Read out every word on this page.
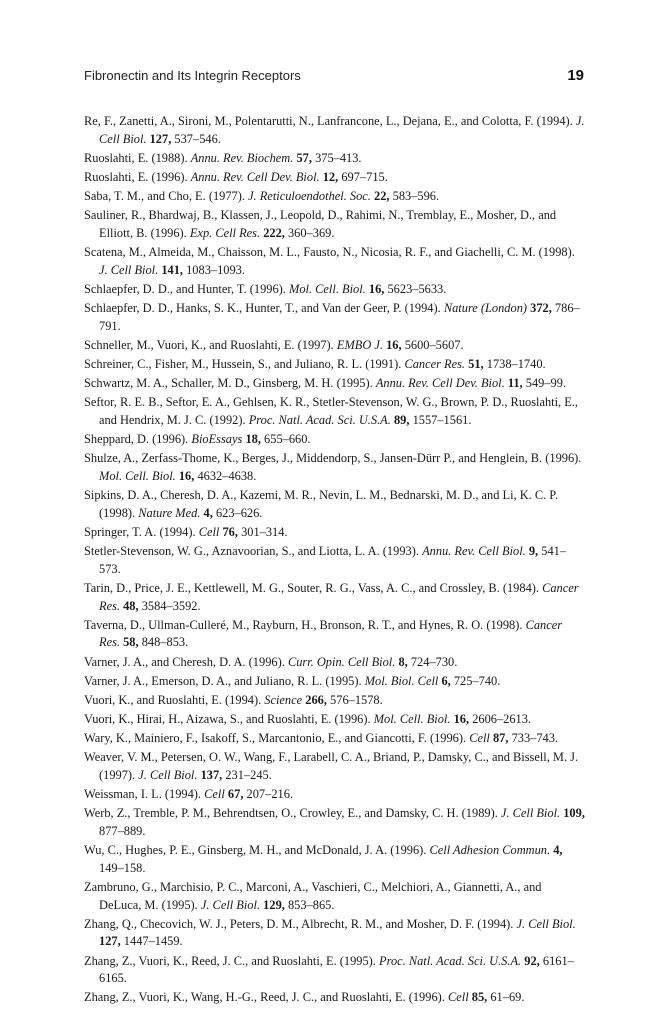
Fibronectin and Its Integrin Receptors	19
Re, F., Zanetti, A., Sironi, M., Polentarutti, N., Lanfrancone, L., Dejana, E., and Colotta, F. (1994). J. Cell Biol. 127, 537–546.
Ruoslahti, E. (1988). Annu. Rev. Biochem. 57, 375–413.
Ruoslahti, E. (1996). Annu. Rev. Cell Dev. Biol. 12, 697–715.
Saba, T. M., and Cho, E. (1977). J. Reticuloendothel. Soc. 22, 583–596.
Sauliner, R., Bhardwaj, B., Klassen, J., Leopold, D., Rahimi, N., Tremblay, E., Mosher, D., and Elliott, B. (1996). Exp. Cell Res. 222, 360–369.
Scatena, M., Almeida, M., Chaisson, M. L., Fausto, N., Nicosia, R. F., and Giachelli, C. M. (1998). J. Cell Biol. 141, 1083–1093.
Schlaepfer, D. D., and Hunter, T. (1996). Mol. Cell. Biol. 16, 5623–5633.
Schlaepfer, D. D., Hanks, S. K., Hunter, T., and Van der Geer, P. (1994). Nature (London) 372, 786–791.
Schneller, M., Vuori, K., and Ruoslahti, E. (1997). EMBO J. 16, 5600–5607.
Schreiner, C., Fisher, M., Hussein, S., and Juliano, R. L. (1991). Cancer Res. 51, 1738–1740.
Schwartz, M. A., Schaller, M. D., Ginsberg, M. H. (1995). Annu. Rev. Cell Dev. Biol. 11, 549–99.
Seftor, R. E. B., Seftor, E. A., Gehlsen, K. R., Stetler-Stevenson, W. G., Brown, P. D., Ruoslahti, E., and Hendrix, M. J. C. (1992). Proc. Natl. Acad. Sci. U.S.A. 89, 1557–1561.
Sheppard, D. (1996). BioEssays 18, 655–660.
Shulze, A., Zerfass-Thome, K., Berges, J., Middendorp, S., Jansen-Dürr P., and Henglein, B. (1996). Mol. Cell. Biol. 16, 4632–4638.
Sipkins, D. A., Cheresh, D. A., Kazemi, M. R., Nevin, L. M., Bednarski, M. D., and Li, K. C. P. (1998). Nature Med. 4, 623–626.
Springer, T. A. (1994). Cell 76, 301–314.
Stetler-Stevenson, W. G., Aznavoorian, S., and Liotta, L. A. (1993). Annu. Rev. Cell Biol. 9, 541–573.
Tarin, D., Price, J. E., Kettlewell, M. G., Souter, R. G., Vass, A. C., and Crossley, B. (1984). Cancer Res. 48, 3584–3592.
Taverna, D., Ullman-Culleré, M., Rayburn, H., Bronson, R. T., and Hynes, R. O. (1998). Cancer Res. 58, 848–853.
Varner, J. A., and Cheresh, D. A. (1996). Curr. Opin. Cell Biol. 8, 724–730.
Varner, J. A., Emerson, D. A., and Juliano, R. L. (1995). Mol. Biol. Cell 6, 725–740.
Vuori, K., and Ruoslahti, E. (1994). Science 266, 576–1578.
Vuori, K., Hirai, H., Aizawa, S., and Ruoslahti, E. (1996). Mol. Cell. Biol. 16, 2606–2613.
Wary, K., Mainiero, F., Isakoff, S., Marcantonio, E., and Giancotti, F. (1996). Cell 87, 733–743.
Weaver, V. M., Petersen, O. W., Wang, F., Larabell, C. A., Briand, P., Damsky, C., and Bissell, M. J. (1997). J. Cell Biol. 137, 231–245.
Weissman, I. L. (1994). Cell 67, 207–216.
Werb, Z., Tremble, P. M., Behrendtsen, O., Crowley, E., and Damsky, C. H. (1989). J. Cell Biol. 109, 877–889.
Wu, C., Hughes, P. E., Ginsberg, M. H., and McDonald, J. A. (1996). Cell Adhesion Commun. 4, 149–158.
Zambruno, G., Marchisio, P. C., Marconi, A., Vaschieri, C., Melchiori, A., Giannetti, A., and DeLuca, M. (1995). J. Cell Biol. 129, 853–865.
Zhang, Q., Checovich, W. J., Peters, D. M., Albrecht, R. M., and Mosher, D. F. (1994). J. Cell Biol. 127, 1447–1459.
Zhang, Z., Vuori, K., Reed, J. C., and Ruoslahti, E. (1995). Proc. Natl. Acad. Sci. U.S.A. 92, 6161–6165.
Zhang, Z., Vuori, K., Wang, H.-G., Reed, J. C., and Ruoslahti, E. (1996). Cell 85, 61–69.
